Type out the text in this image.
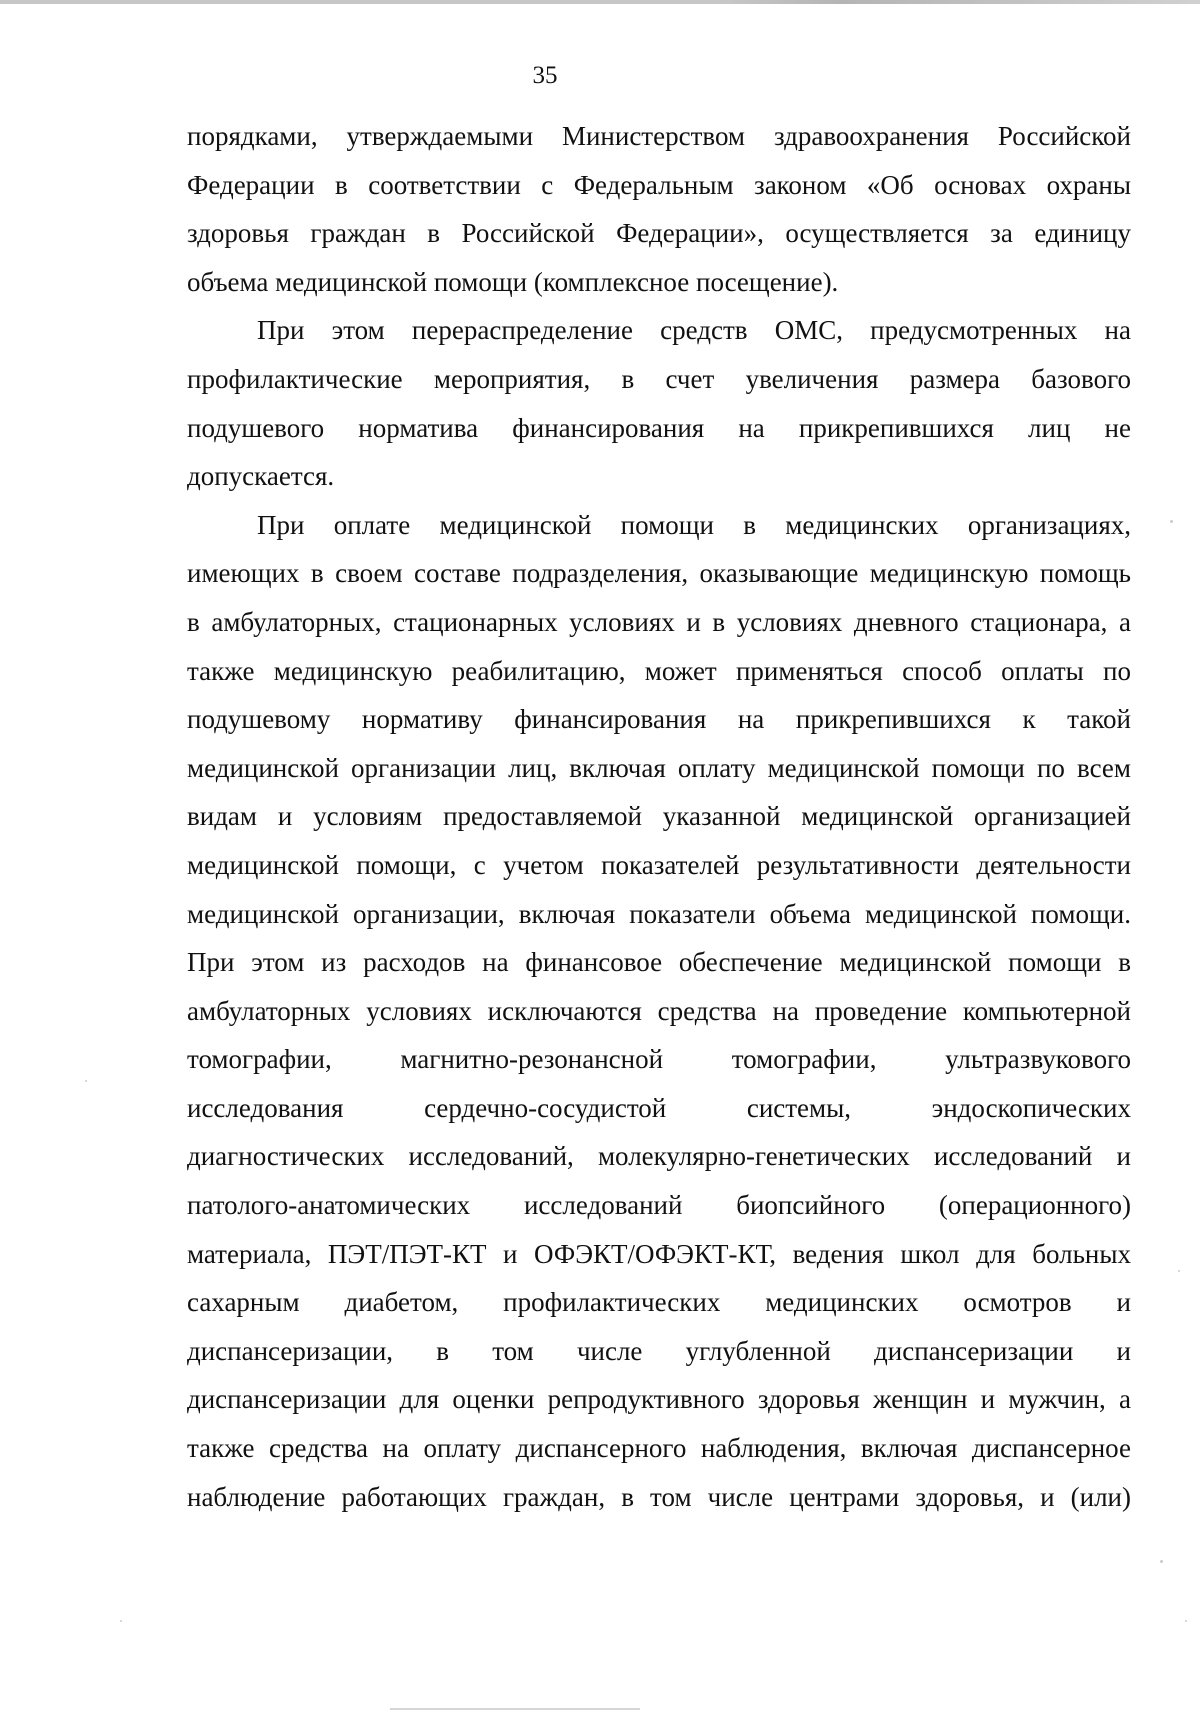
35
порядками, утверждаемыми Министерством здравоохранения Российской
Федерации в соответствии с Федеральным законом «Об основах охраны
здоровья граждан в Российской Федерации», осуществляется за единицу
объема медицинской помощи (комплексное посещение).
При этом перераспределение средств ОМС, предусмотренных на
профилактические мероприятия, в счет увеличения размера базового
подушевого норматива финансирования на прикрепившихся лиц не
допускается.
При оплате медицинской помощи в медицинских организациях,
имеющих в своем составе подразделения, оказывающие медицинскую помощь
в амбулаторных, стационарных условиях и в условиях дневного стационара, а
также медицинскую реабилитацию, может применяться способ оплаты по
подушевому нормативу финансирования на прикрепившихся к такой
медицинской организации лиц, включая оплату медицинской помощи по всем
видам и условиям предоставляемой указанной медицинской организацией
медицинской помощи, с учетом показателей результативности деятельности
медицинской организации, включая показатели объема медицинской помощи.
При этом из расходов на финансовое обеспечение медицинской помощи в
амбулаторных условиях исключаются средства на проведение компьютерной
томографии, магнитно-резонансной томографии, ультразвукового
исследования сердечно-сосудистой системы, эндоскопических
диагностических исследований, молекулярно-генетических исследований и
патолого-анатомических исследований биопсийного (операционного)
материала, ПЭТ/ПЭТ-КТ и ОФЭКТ/ОФЭКТ-КТ, ведения школ для больных
сахарным диабетом, профилактических медицинских осмотров и
диспансеризации, в том числе углубленной диспансеризации и
диспансеризации для оценки репродуктивного здоровья женщин и мужчин, а
также средства на оплату диспансерного наблюдения, включая диспансерное
наблюдение работающих граждан, в том числе центрами здоровья, и (или)
